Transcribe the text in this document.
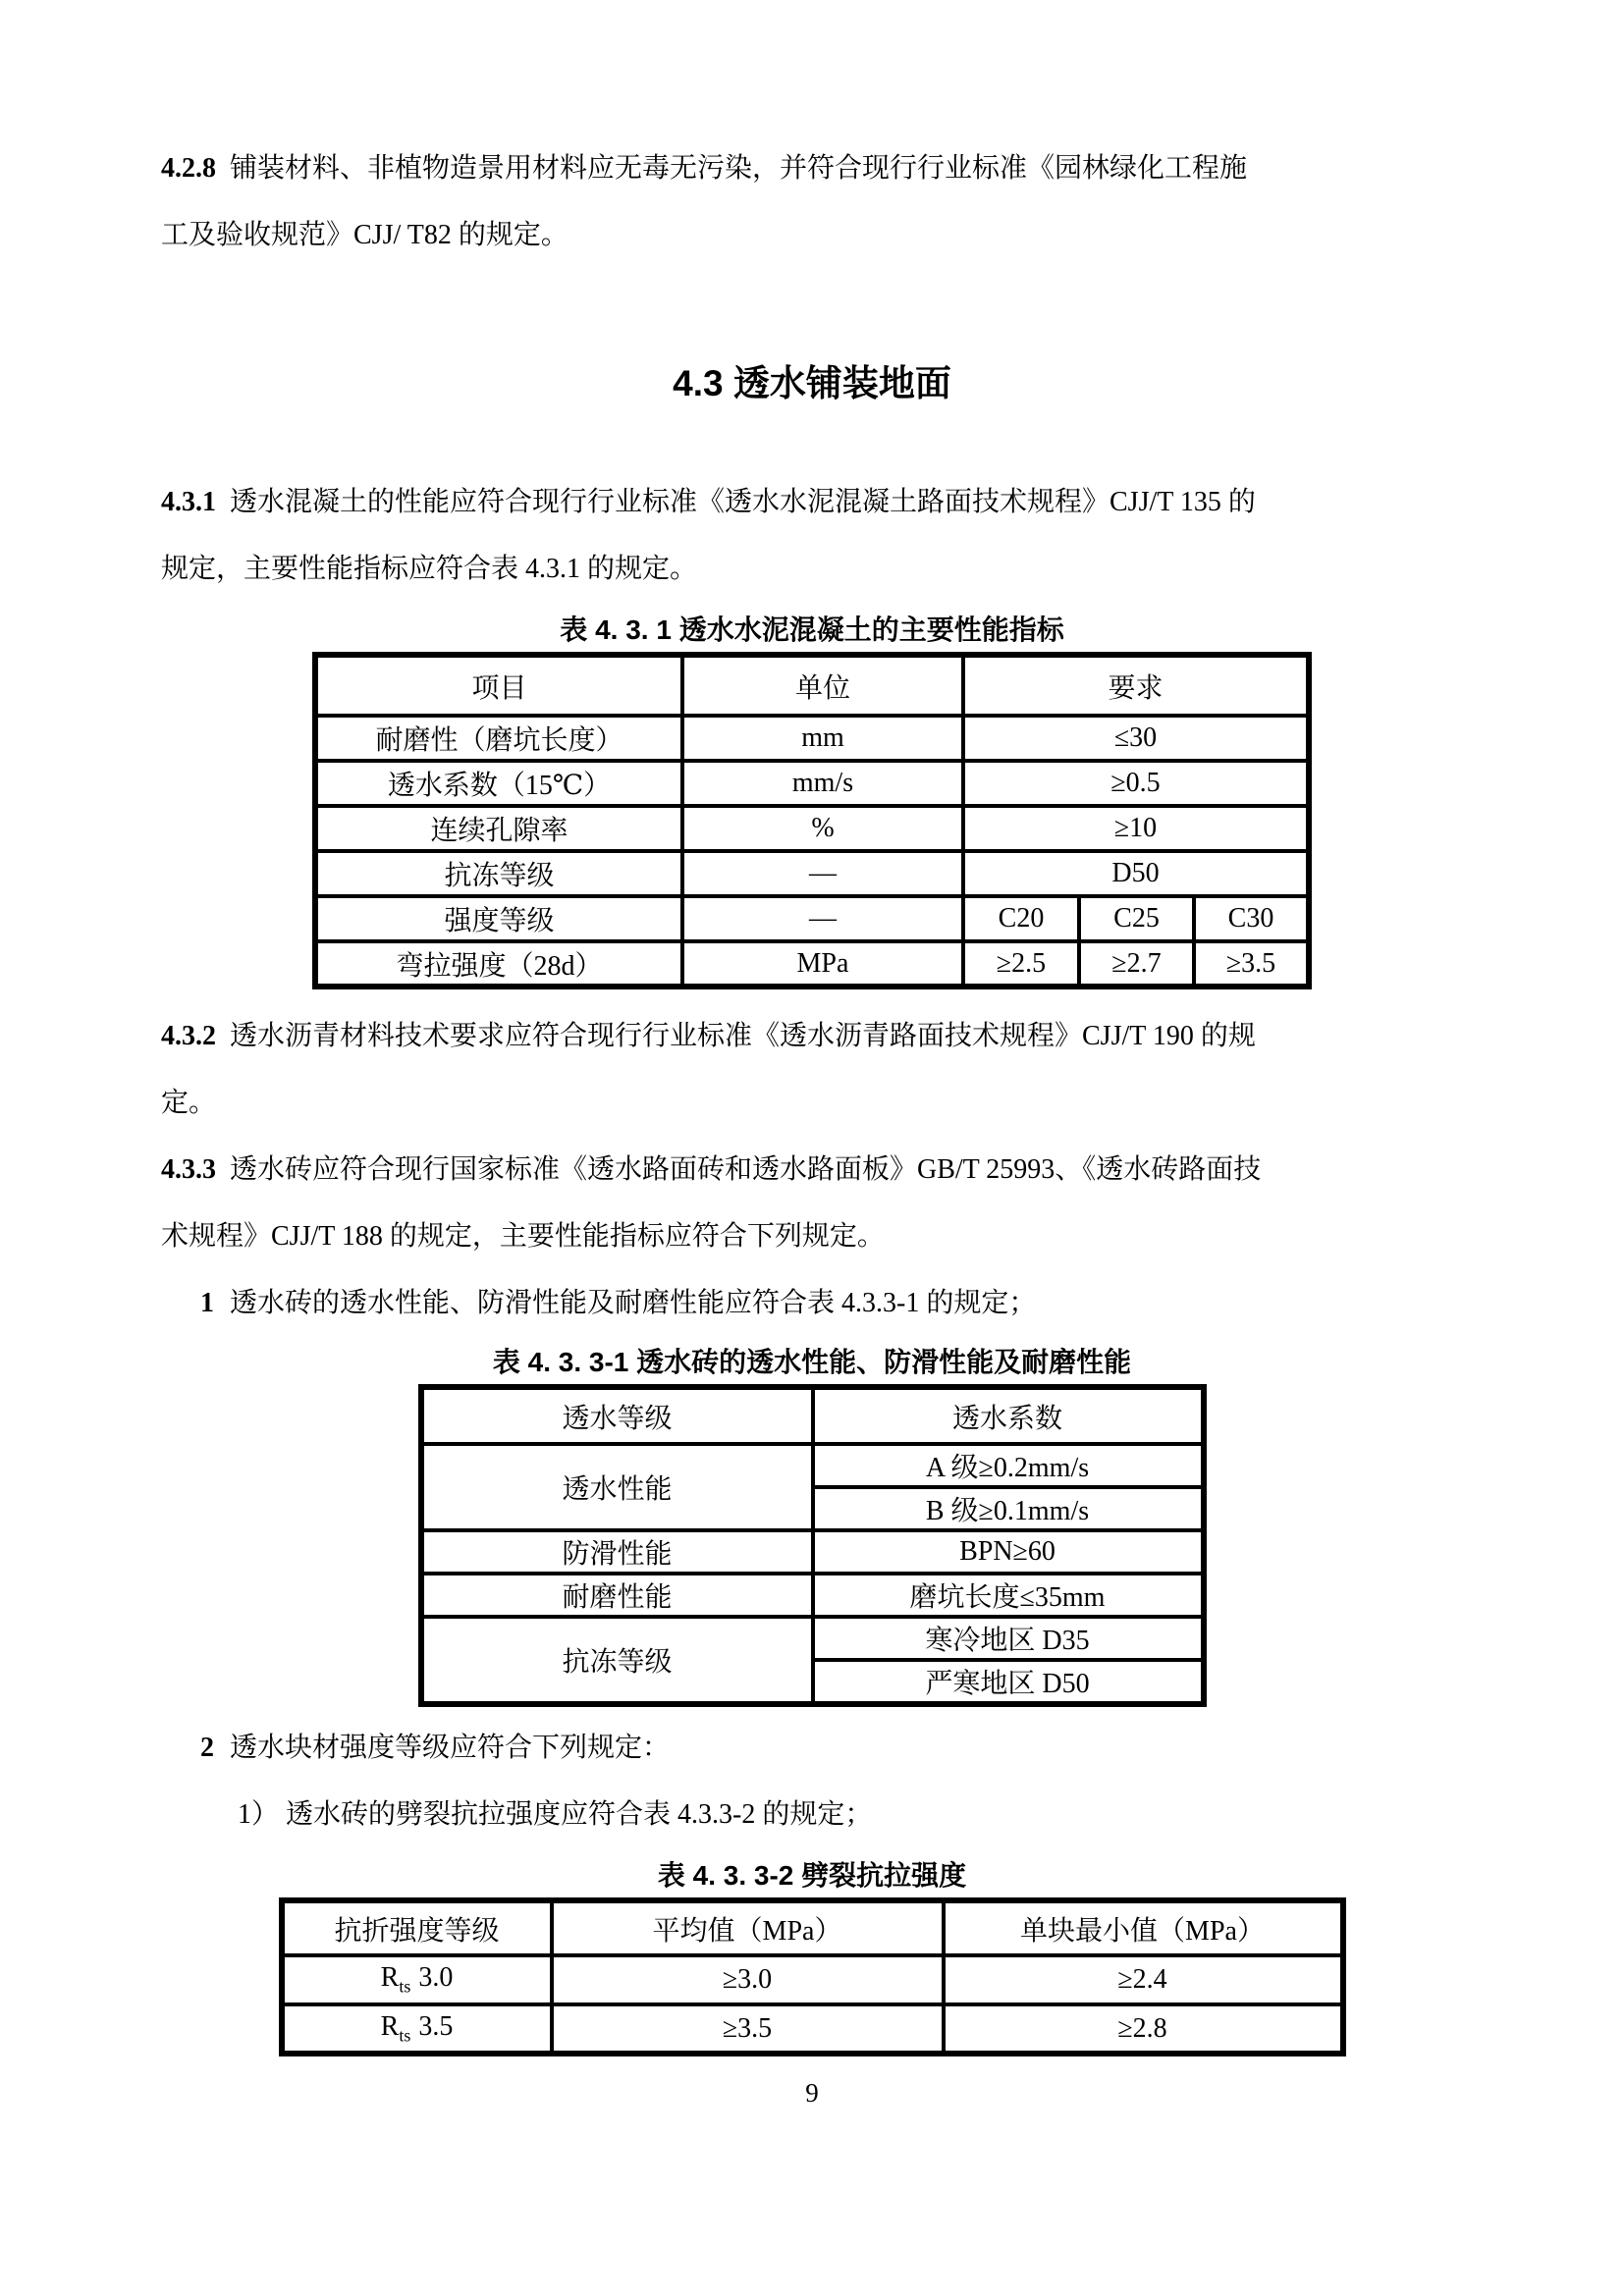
4.2.8 铺装材料、非植物造景用材料应无毒无污染，并符合现行行业标准《园林绿化工程施
工及验收规范》CJJ/ T82 的规定。
4.3 透水铺装地面
4.3.1 透水混凝土的性能应符合现行行业标准《透水水泥混凝土路面技术规程》CJJ/T 135 的
规定，主要性能指标应符合表 4.3.1 的规定。
表 4. 3. 1 透水水泥混凝土的主要性能指标
项目	单位	要求		
耐磨性（磨坑长度）	mm	≤30		
透水系数（15℃）	mm/s	≥0.5		
连续孔隙率	%	≥10		
抗冻等级	—	D50		
强度等级	—	C20	C25	C30
弯拉强度（28d）	MPa	≥2.5	≥2.7	≥3.5
4.3.2 透水沥青材料技术要求应符合现行行业标准《透水沥青路面技术规程》CJJ/T 190 的规
定。
4.3.3 透水砖应符合现行国家标准《透水路面砖和透水路面板》GB/T 25993、《透水砖路面技
术规程》CJJ/T 188 的规定，主要性能指标应符合下列规定。
1 透水砖的透水性能、防滑性能及耐磨性能应符合表 4.3.3-1 的规定；
表 4. 3. 3-1 透水砖的透水性能、防滑性能及耐磨性能
透水等级	透水系数
透水性能	A 级≥0.2mm/s
	B 级≥0.1mm/s
防滑性能	BPN≥60
耐磨性能	磨坑长度≤35mm
抗冻等级	寒冷地区 D35
	严寒地区 D50
2 透水块材强度等级应符合下列规定：
1） 透水砖的劈裂抗拉强度应符合表 4.3.3-2 的规定；
表 4. 3. 3-2 劈裂抗拉强度
抗折强度等级	平均值（MPa）	单块最小值（MPa）
$R_{ts}$ 3.0	≥3.0	≥2.4
$R_{ts}$ 3.5	≥3.5	≥2.8
9
